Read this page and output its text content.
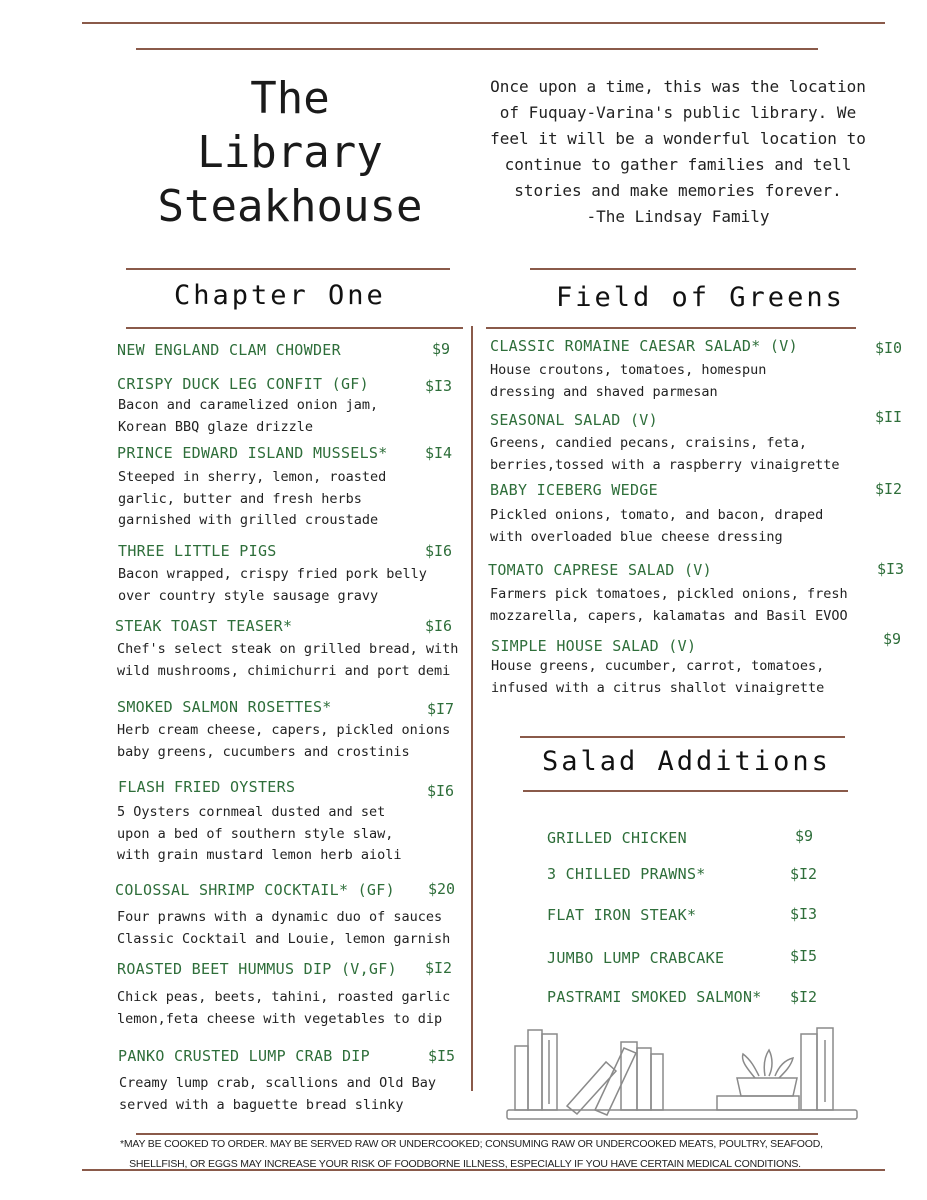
The
Library
Steakhouse
Once upon a time, this was the location
of Fuquay-Varina's public library. We
feel it will be a wonderful location to
continue to gather families and tell
stories and make memories forever.
-The Lindsay Family
Chapter One	Field of Greens
Salad Additions
NEW ENGLAND CLAM CHOWDER	$9
CRISPY DUCK LEG CONFIT (GF)	$I3
Bacon and caramelized onion jam,
Korean BBQ glaze drizzle
PRINCE EDWARD ISLAND MUSSELS* $I4
Steeped in sherry, lemon, roasted
garlic, butter and fresh herbs
garnished with grilled croustade
THREE LITTLE PIGS	$I6
Bacon wrapped, crispy fried pork belly
over country style sausage gravy
STEAK TOAST TEASER*	$I6
Chef's select steak on grilled bread, with
wild mushrooms, chimichurri and port demi
SMOKED SALMON ROSETTES*	$I7
Herb cream cheese, capers, pickled onions
baby greens, cucumbers and crostinis
FLASH FRIED OYSTERS	$I6
5 Oysters cornmeal dusted and set
upon a bed of southern style slaw,
with grain mustard lemon herb aioli
COLOSSAL SHRIMP COCKTAIL* (GF) $20
Four prawns with a dynamic duo of sauces
Classic Cocktail and Louie, lemon garnish
ROASTED BEET HUMMUS DIP (V,GF) $I2
Chick peas, beets, tahini, roasted garlic
lemon,feta cheese with vegetables to dip
PANKO CRUSTED LUMP CRAB DIP	$I5
Creamy lump crab, scallions and Old Bay
served with a baguette bread slinky
CLASSIC ROMAINE CAESAR SALAD* (V)	$I0
House croutons, tomatoes, homespun
dressing and shaved parmesan
SEASONAL SALAD (V)	$II
Greens, candied pecans, craisins, feta,
berries,tossed with a raspberry vinaigrette
BABY ICEBERG WEDGE	$I2
Pickled onions, tomato, and bacon, draped
with overloaded blue cheese dressing
TOMATO CAPRESE SALAD (V)	$I3
Farmers pick tomatoes, pickled onions, fresh
mozzarella, capers, kalamatas and Basil EVOO
SIMPLE HOUSE SALAD (V)	$9
House greens, cucumber, carrot, tomatoes,
infused with a citrus shallot vinaigrette
GRILLED CHICKEN	$9
3 CHILLED PRAWNS*	$I2
FLAT IRON STEAK*	$I3
JUMBO LUMP CRABCAKE	$I5
PASTRAMI SMOKED SALMON* $I2
*MAY BE COOKED TO ORDER. MAY BE SERVED RAW OR UNDERCOOKED; CONSUMING RAW OR UNDERCOOKED MEATS, POULTRY, SEAFOOD,
SHELLFISH, OR EGGS MAY INCREASE YOUR RISK OF FOODBORNE ILLNESS, ESPECIALLY IF YOU HAVE CERTAIN MEDICAL CONDITIONS.
